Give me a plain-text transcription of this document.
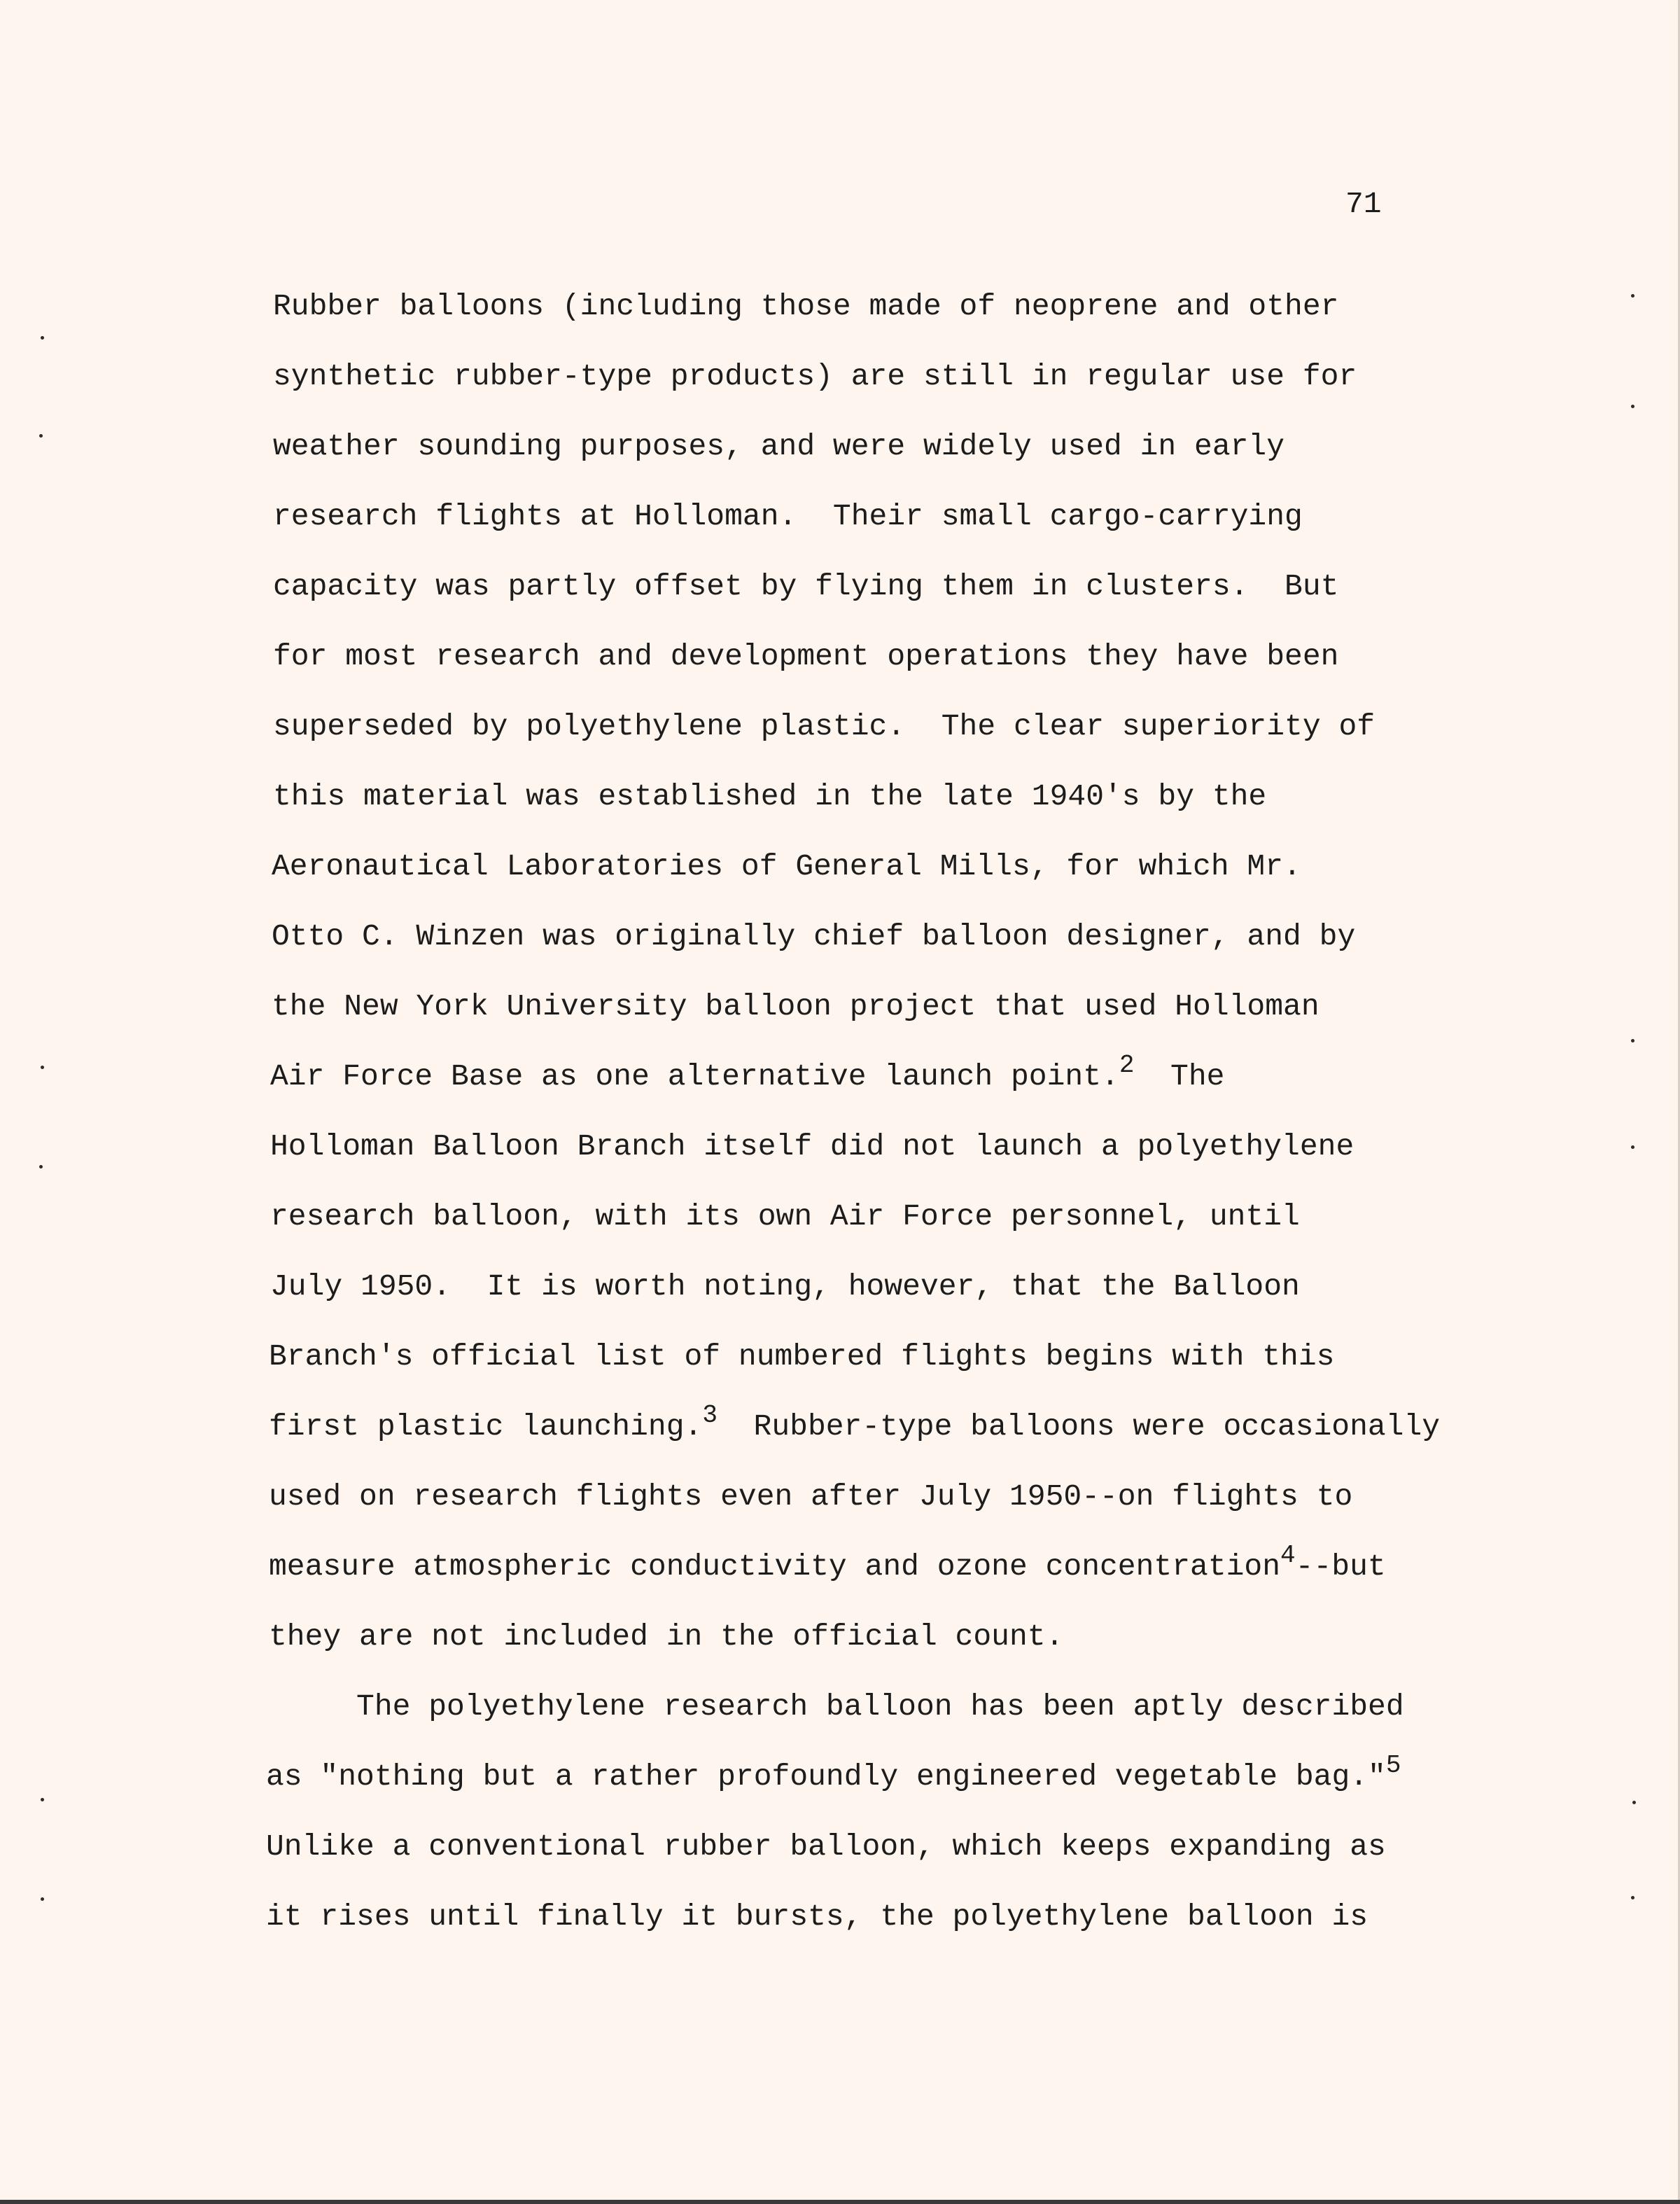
71
Rubber balloons (including those made of neoprene and other
synthetic rubber-type products) are still in regular use for
weather sounding purposes, and were widely used in early
research flights at Holloman.  Their small cargo-carrying
capacity was partly offset by flying them in clusters.  But
for most research and development operations they have been
superseded by polyethylene plastic.  The clear superiority of
this material was established in the late 1940's by the
Aeronautical Laboratories of General Mills, for which Mr.
Otto C. Winzen was originally chief balloon designer, and by
the New York University balloon project that used Holloman
Air Force Base as one alternative launch point.$^2$  The
Holloman Balloon Branch itself did not launch a polyethylene
research balloon, with its own Air Force personnel, until
July 1950.  It is worth noting, however, that the Balloon
Branch's official list of numbered flights begins with this
first plastic launching.$^3$  Rubber-type balloons were occasionally
used on research flights even after July 1950--on flights to
measure atmospheric conductivity and ozone concentration$^4$--but
they are not included in the official count.
The polyethylene research balloon has been aptly described
as "nothing but a rather profoundly engineered vegetable bag."$^5$
Unlike a conventional rubber balloon, which keeps expanding as
it rises until finally it bursts, the polyethylene balloon is
